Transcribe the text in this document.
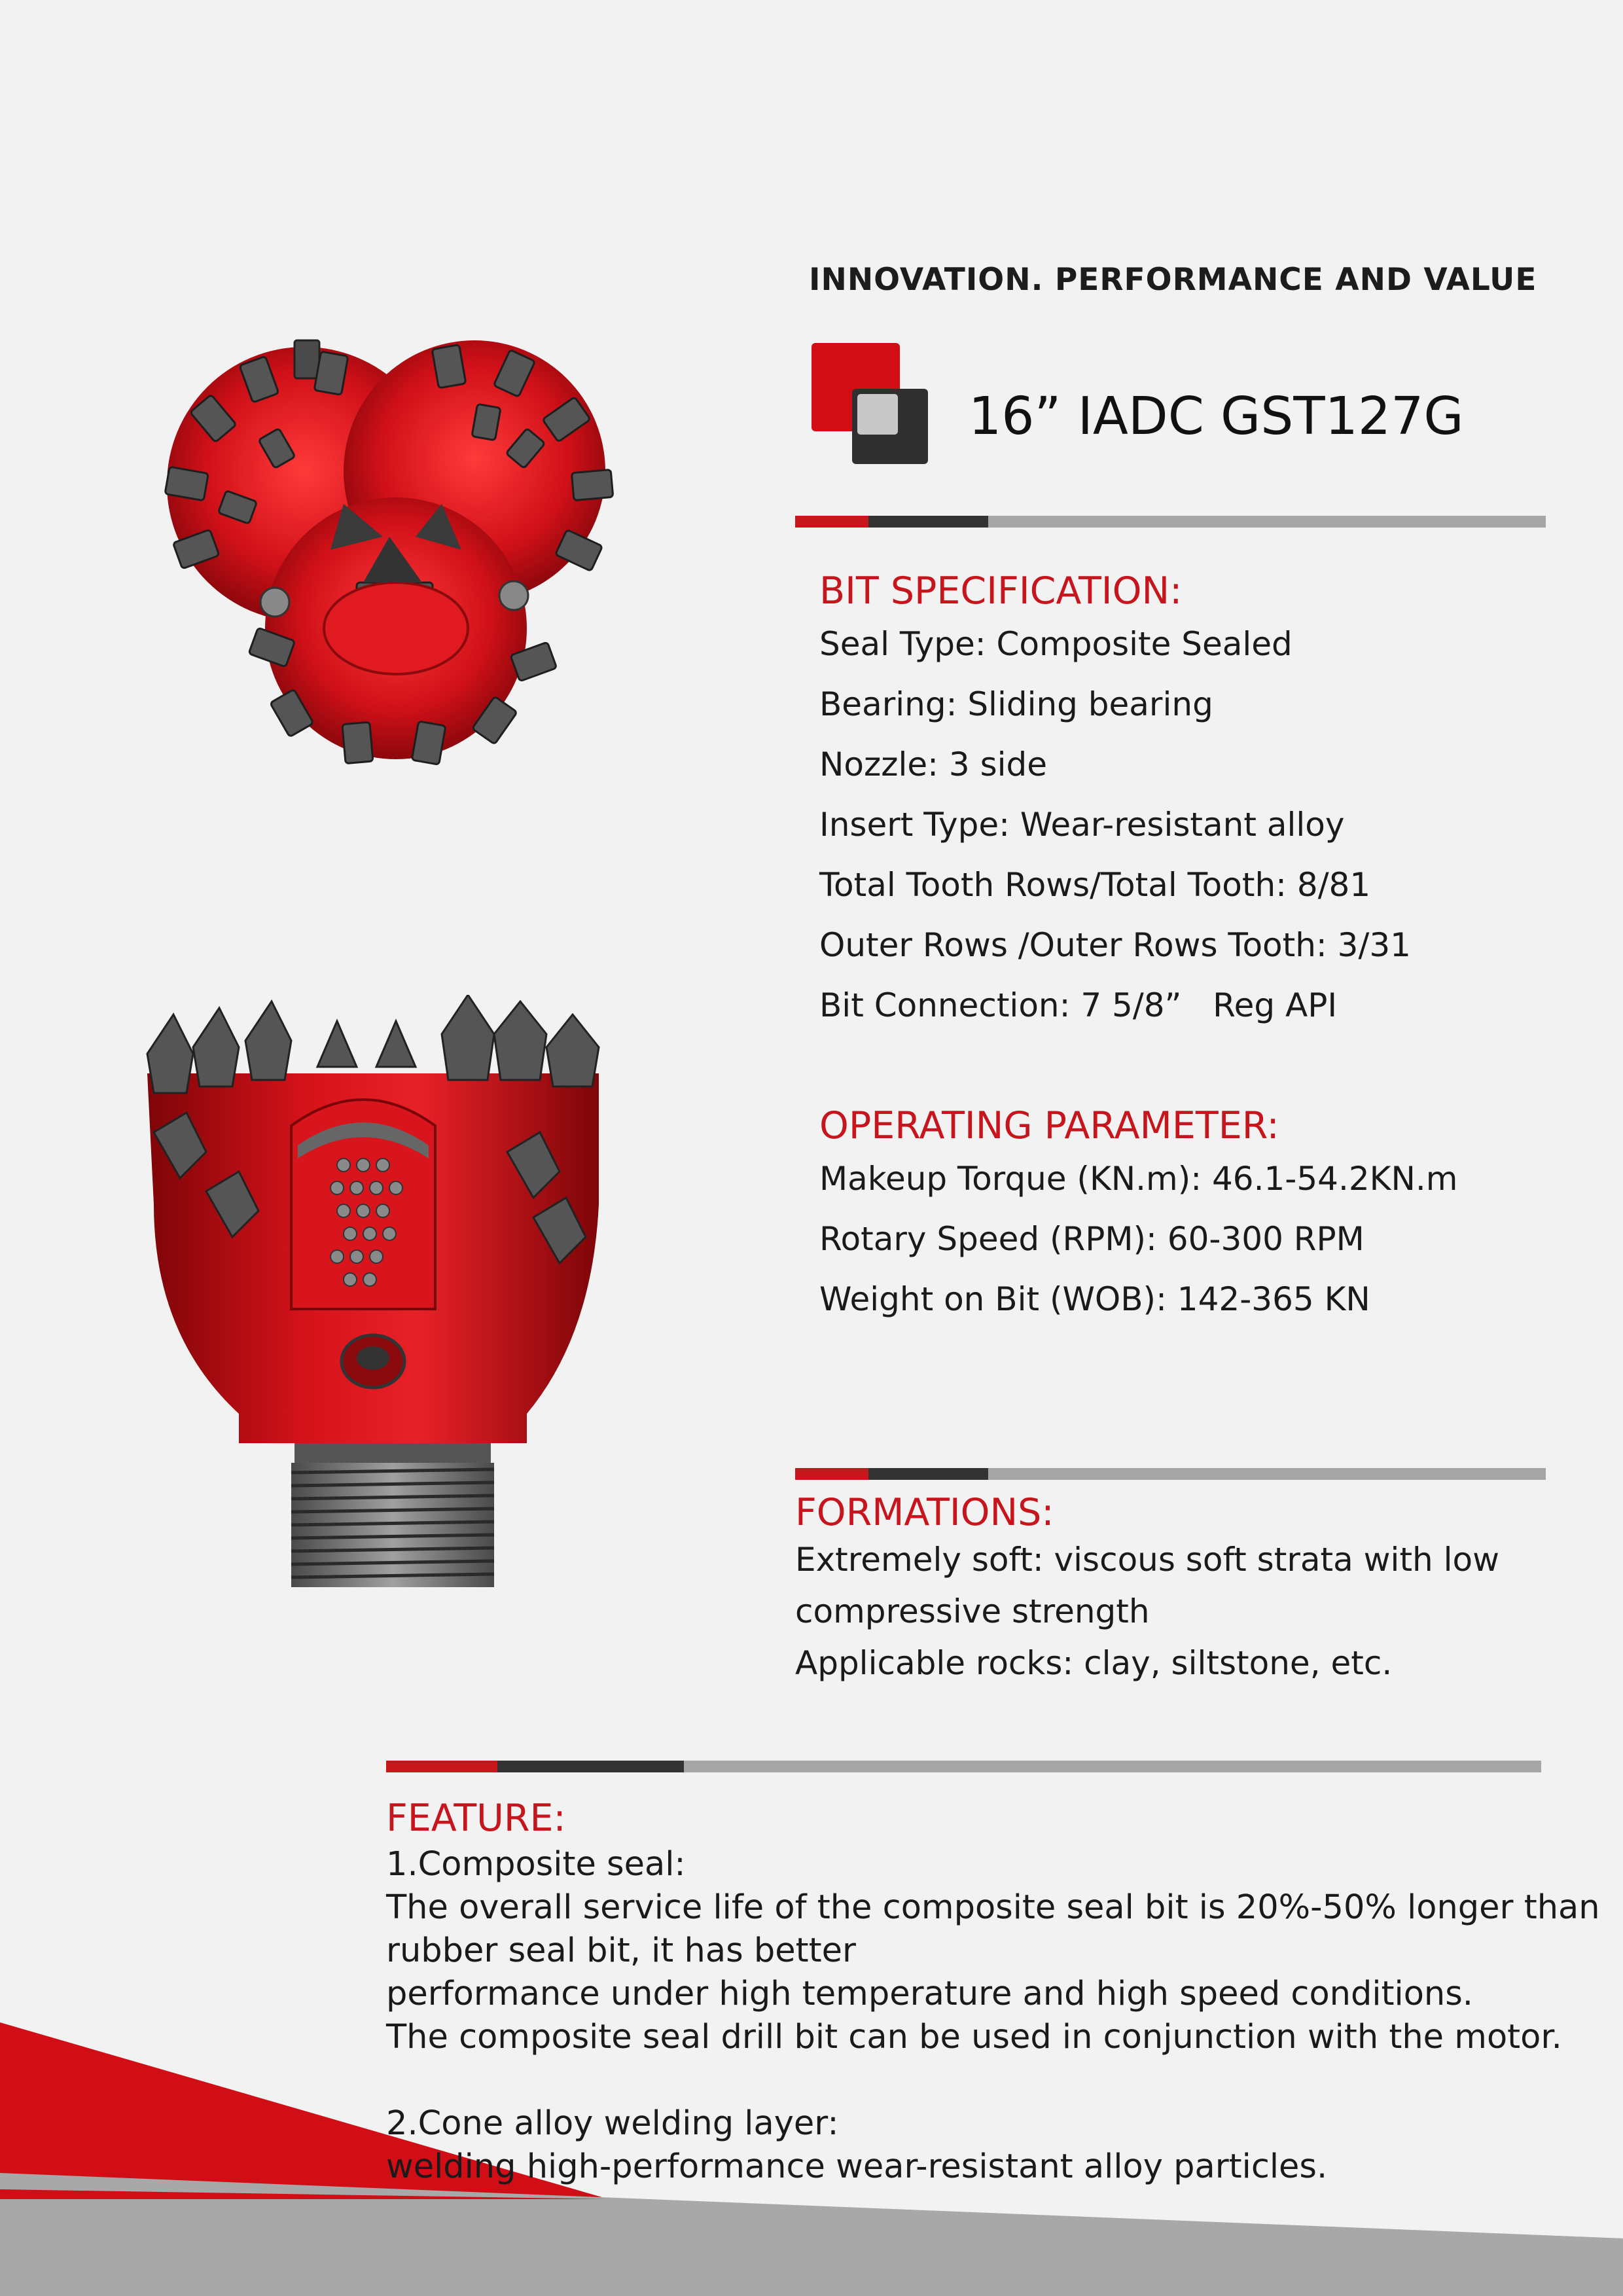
INNOVATION. PERFORMANCE AND VALUE
16” IADC GST127G
BIT SPECIFICATION:
Seal Type: Composite Sealed
Bearing: Sliding bearing
Nozzle: 3 side
Insert Type: Wear-resistant alloy
Total Tooth Rows/Total Tooth: 8/81
Outer Rows /Outer Rows Tooth: 3/31
Bit Connection: 7 5/8”   Reg API
OPERATING PARAMETER:
Makeup Torque (KN.m): 46.1-54.2KN.m
Rotary Speed (RPM): 60-300 RPM
Weight on Bit (WOB): 142-365 KN
FORMATIONS:
Extremely soft: viscous soft strata with low
compressive strength
Applicable rocks: clay, siltstone, etc.
FEATURE:
1.Composite seal:
The overall service life of the composite seal bit is 20%-50% longer than
rubber seal bit, it has better
performance under high temperature and high speed conditions.
The composite seal drill bit can be used in conjunction with the motor.
2.Cone alloy welding layer:
welding high-performance wear-resistant alloy particles.
